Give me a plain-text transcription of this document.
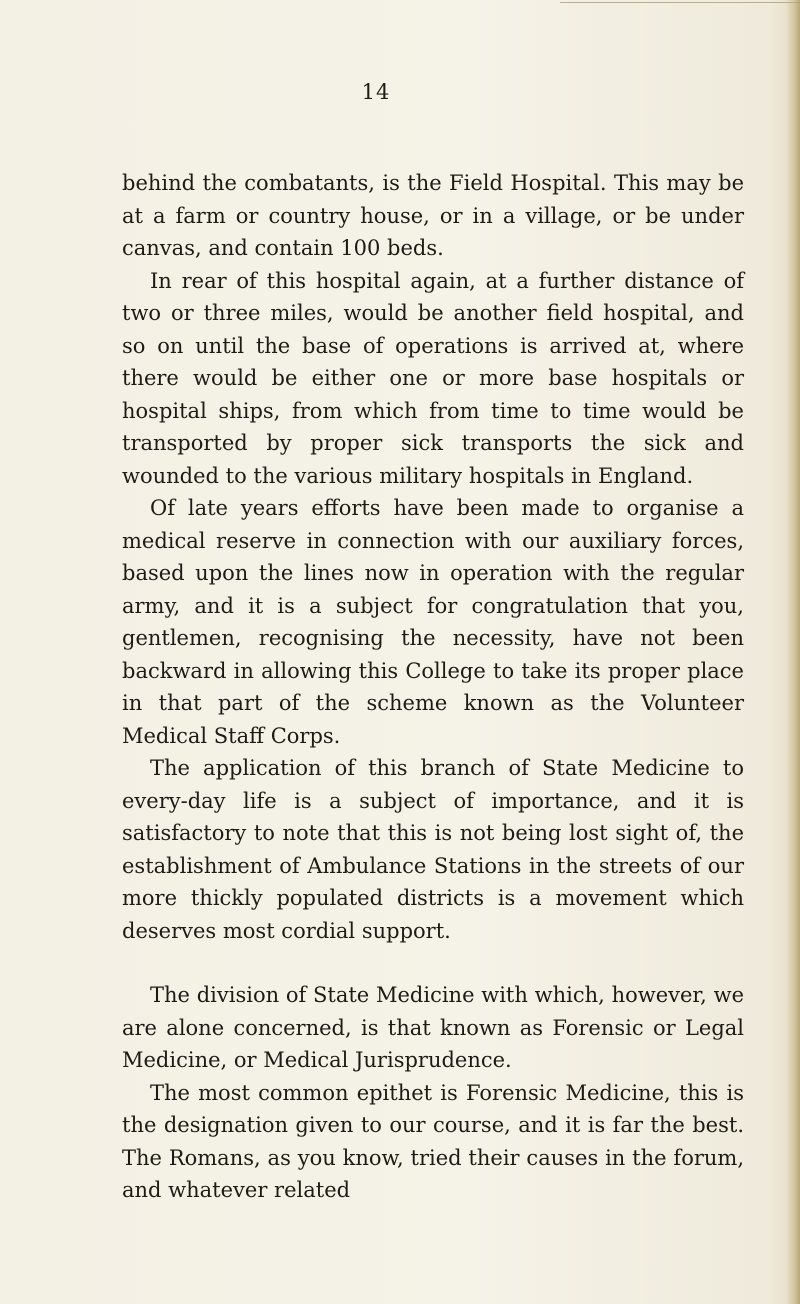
14

behind the combatants, is the Field Hospital. This may be at a farm or country house, or in a village, or be under canvas, and contain 100 beds.

In rear of this hospital again, at a further distance of two or three miles, would be another field hospital, and so on until the base of operations is arrived at, where there would be either one or more base hospitals or hospital ships, from which from time to time would be transported by proper sick transports the sick and wounded to the various military hospitals in England.

Of late years efforts have been made to organise a medical reserve in connection with our auxiliary forces, based upon the lines now in operation with the regular army, and it is a subject for congratulation that you, gentlemen, recognising the necessity, have not been backward in allowing this College to take its proper place in that part of the scheme known as the Volunteer Medical Staff Corps.

The application of this branch of State Medicine to every-day life is a subject of importance, and it is satisfactory to note that this is not being lost sight of, the establishment of Ambulance Stations in the streets of our more thickly populated districts is a movement which deserves most cordial support.

The division of State Medicine with which, however, we are alone concerned, is that known as Forensic or Legal Medicine, or Medical Jurisprudence.

The most common epithet is Forensic Medicine, this is the designation given to our course, and it is far the best. The Romans, as you know, tried their causes in the forum, and whatever related
